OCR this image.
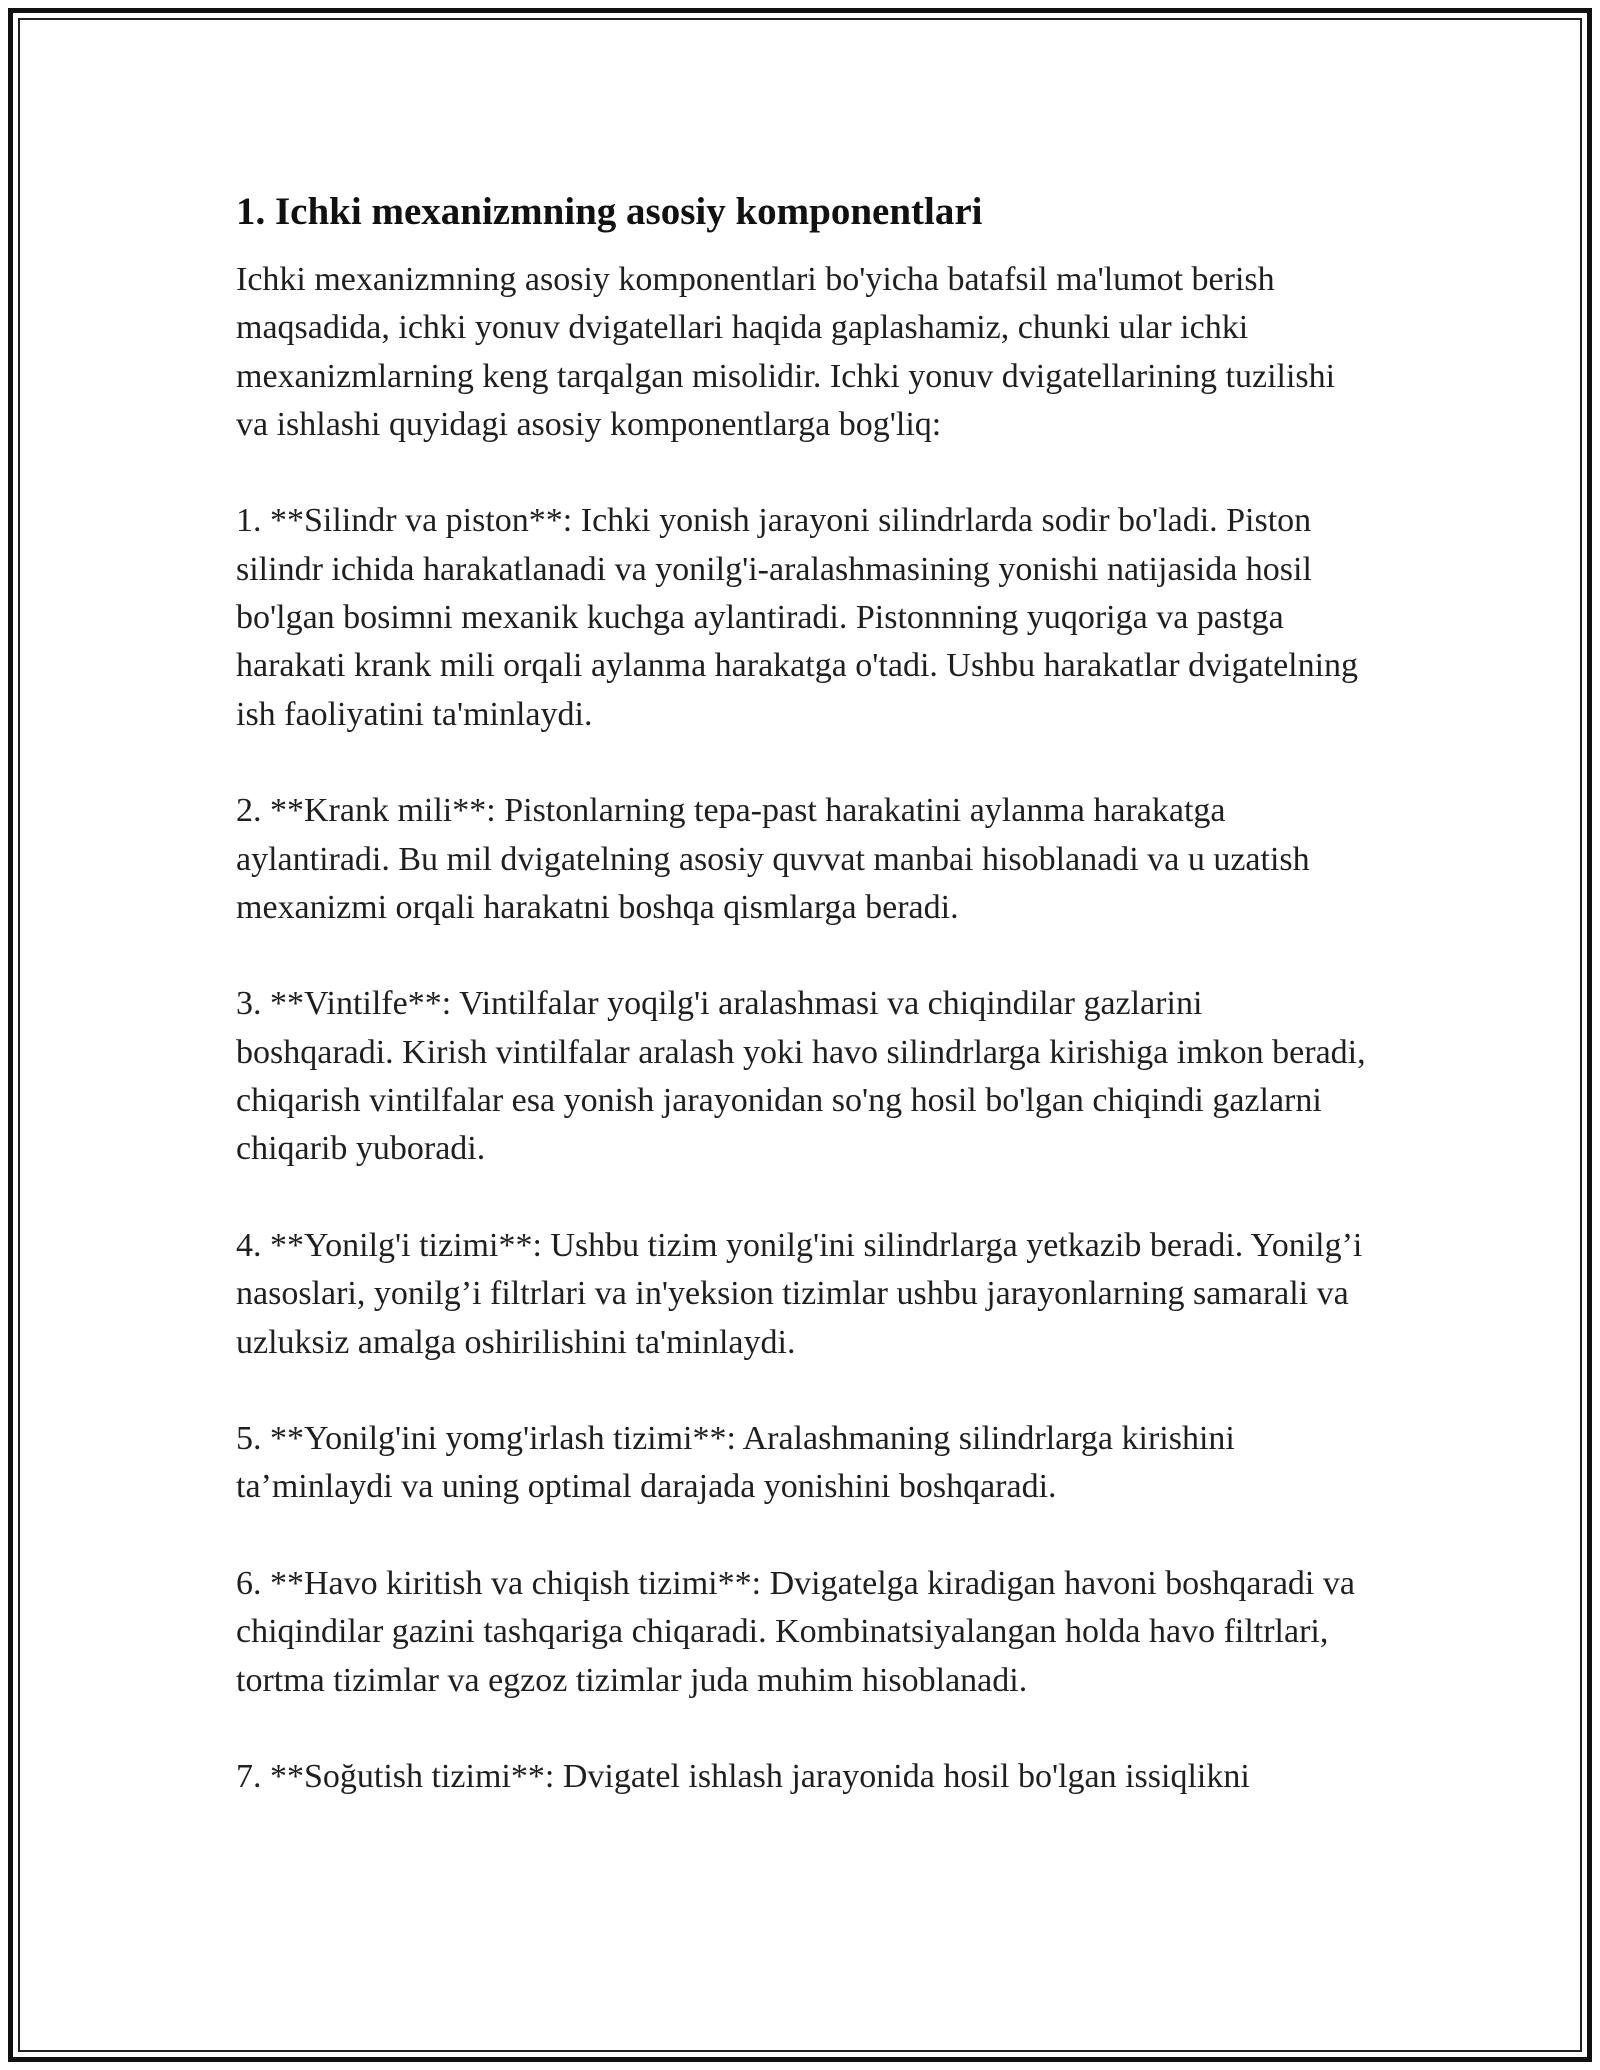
1. Ichki mexanizmning asosiy komponentlari

Ichki mexanizmning asosiy komponentlari bo'yicha batafsil ma'lumot berish maqsadida, ichki yonuv dvigatellari haqida gaplashamiz, chunki ular ichki mexanizmlarning keng tarqalgan misolidir. Ichki yonuv dvigatellarining tuzilishi va ishlashi quyidagi asosiy komponentlarga bog'liq:

1. **Silindr va piston**: Ichki yonish jarayoni silindrlarda sodir bo'ladi. Piston silindr ichida harakatlanadi va yonilg'i-aralashmasining yonishi natijasida hosil bo'lgan bosimni mexanik kuchga aylantiradi. Pistonnning yuqoriga va pastga harakati krank mili orqali aylanma harakatga o'tadi. Ushbu harakatlar dvigatelning ish faoliyatini ta'minlaydi.

2. **Krank mili**: Pistonlarning tepa-past harakatini aylanma harakatga aylantiradi. Bu mil dvigatelning asosiy quvvat manbai hisoblanadi va u uzatish mexanizmi orqali harakatni boshqa qismlarga beradi.

3. **Vintilfe**: Vintilfalar yoqilg'i aralashmasi va chiqindilar gazlarini boshqaradi. Kirish vintilfalar aralash yoki havo silindrlarga kirishiga imkon beradi, chiqarish vintilfalar esa yonish jarayonidan so'ng hosil bo'lgan chiqindi gazlarni chiqarib yuboradi.

4. **Yonilg'i tizimi**: Ushbu tizim yonilg'ini silindrlarga yetkazib beradi. Yonilg’i nasoslari, yonilg’i filtrlari va in'yeksion tizimlar ushbu jarayonlarning samarali va uzluksiz amalga oshirilishini ta'minlaydi.

5. **Yonilg'ini yomg'irlash tizimi**: Aralashmaning silindrlarga kirishini ta’minlaydi va uning optimal darajada yonishini boshqaradi.

6. **Havo kiritish va chiqish tizimi**: Dvigatelga kiradigan havoni boshqaradi va chiqindilar gazini tashqariga chiqaradi. Kombinatsiyalangan holda havo filtrlari, tortma tizimlar va egzoz tizimlar juda muhim hisoblanadi.

7. **Soğutish tizimi**: Dvigatel ishlash jarayonida hosil bo'lgan issiqlikni
